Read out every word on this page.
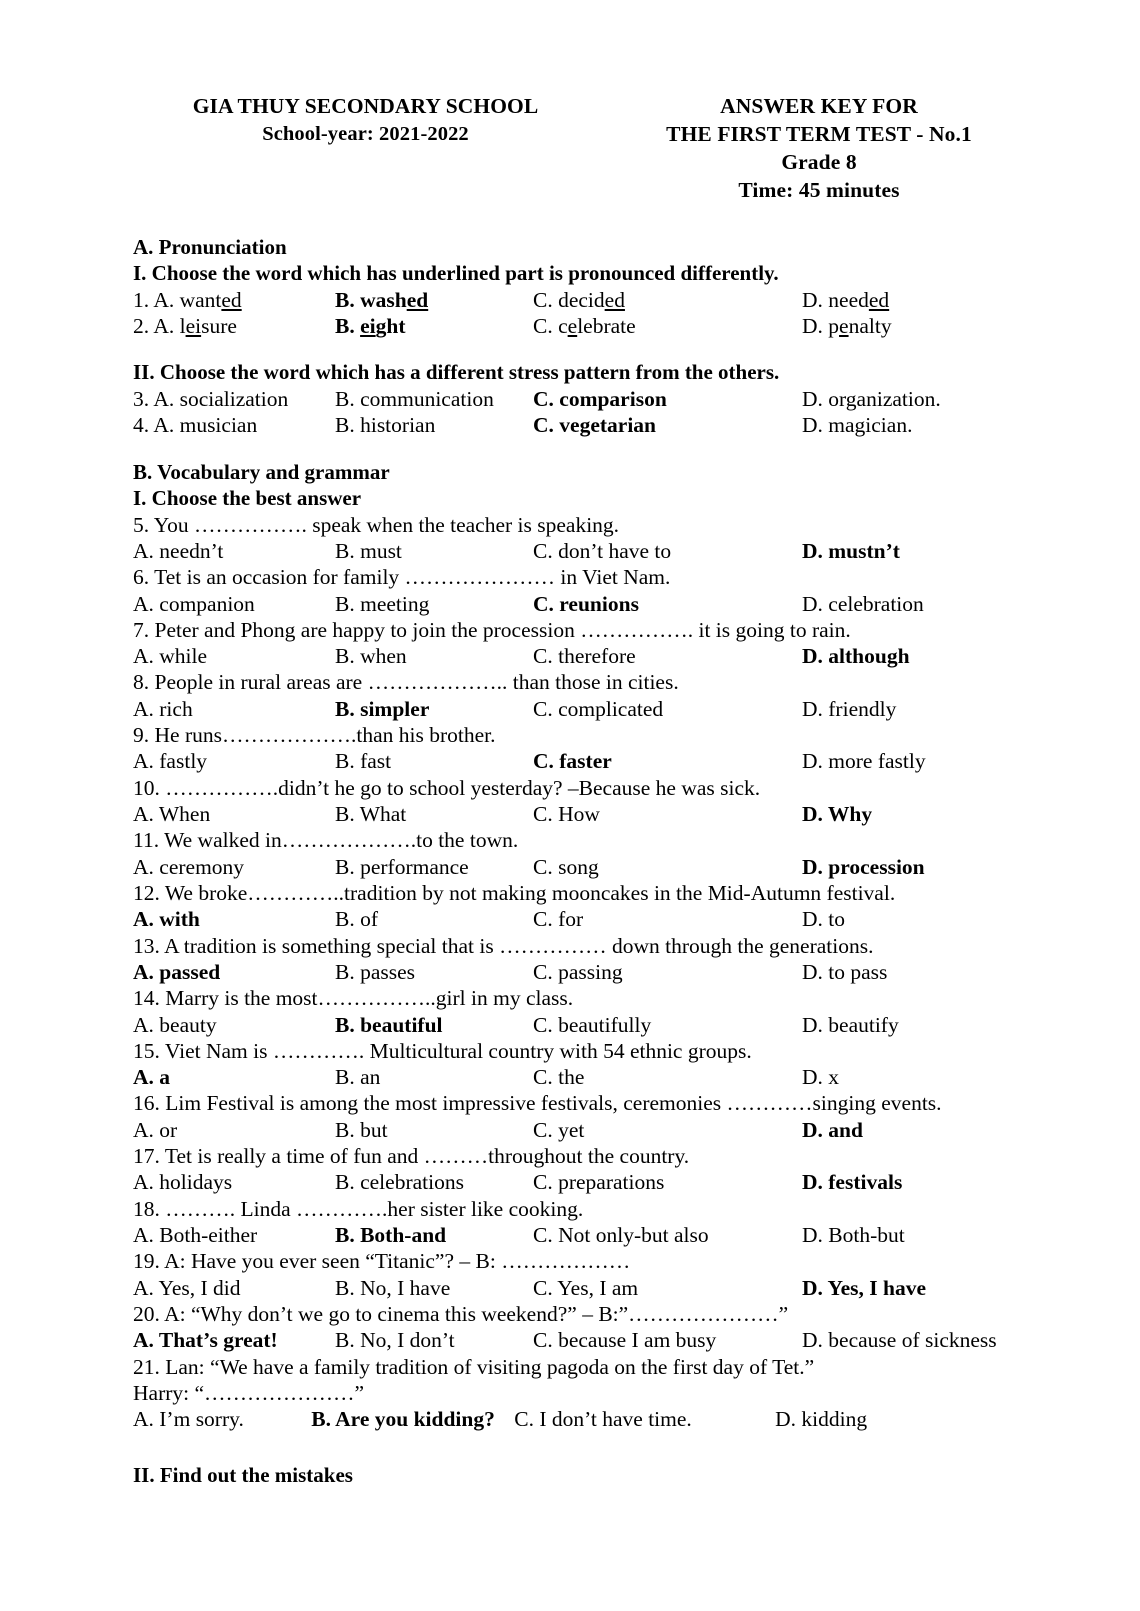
GIA THUY SECONDARY SCHOOL
School-year: 2021-2022
ANSWER KEY FOR
THE FIRST TERM TEST - No.1
Grade 8
Time: 45 minutes
A. Pronunciation
I. Choose the word which has underlined part is pronounced differently.
1. A. wanted	B. washed	C. decided	D. needed
2. A. leisure	B. eight	C. celebrate	D. penalty
II. Choose the word which has a different stress pattern from the others.
3. A. socialization B. communication C. comparison	D. organization.
4. A. musician	B. historian	C. vegetarian	D. magician.
B. Vocabulary and grammar
I. Choose the best answer
5. You ……………. speak when the teacher is speaking.
A. needn’t	B. must	C. don’t have to	D. mustn’t
6. Tet is an occasion for family ………………… in Viet Nam.
A. companion	B. meeting	C. reunions	D. celebration
7. Peter and Phong are happy to join the procession ……………. it is going to rain.
A. while	B. when	C. therefore	D. although
8. People in rural areas are ……………….. than those in cities.
A. rich	B. simpler	C. complicated	D. friendly
9. He runs……………….than his brother.
A. fastly	B. fast	C. faster	D. more fastly
10. …………….didn’t he go to school yesterday? –Because he was sick.
A. When	B. What	C. How	D. Why
11. We walked in……………….to the town.
A. ceremony	B. performance	C. song	D. procession
12. We broke…………..tradition by not making mooncakes in the Mid-Autumn festival.
A. with	B. of	C. for	D. to
13. A tradition is something special that is …………… down through the generations.
A. passed	B. passes	C. passing	D. to pass
14. Marry is the most……………..girl in my class.
A. beauty	B. beautiful	C. beautifully	D. beautify
15. Viet Nam is …………. Multicultural country with 54 ethnic groups.
A. a	B. an	C. the	D. x
16. Lim Festival is among the most impressive festivals, ceremonies …………singing events.
A. or	B. but	C. yet	D. and
17. Tet is really a time of fun and ………throughout the country.
A. holidays	B. celebrations	C. preparations	D. festivals
18. ………. Linda ………….her sister like cooking.
A. Both-either	B. Both-and	C. Not only-but also	D. Both-but
19. A: Have you ever seen “Titanic”? – B: ………………
A. Yes, I did	B. No, I have	C. Yes, I am	D. Yes, I have
20. A: “Why don’t we go to cinema this weekend?” – B:”…………………”
A. That’s great!	B. No, I don’t	C. because I am busy	D. because of sickness
21. Lan: “We have a family tradition of visiting pagoda on the first day of Tet.”
Harry: “…………………”
A. I’m sorry.	B. Are you kidding? C. I don’t have time.	D. kidding
II. Find out the mistakes
